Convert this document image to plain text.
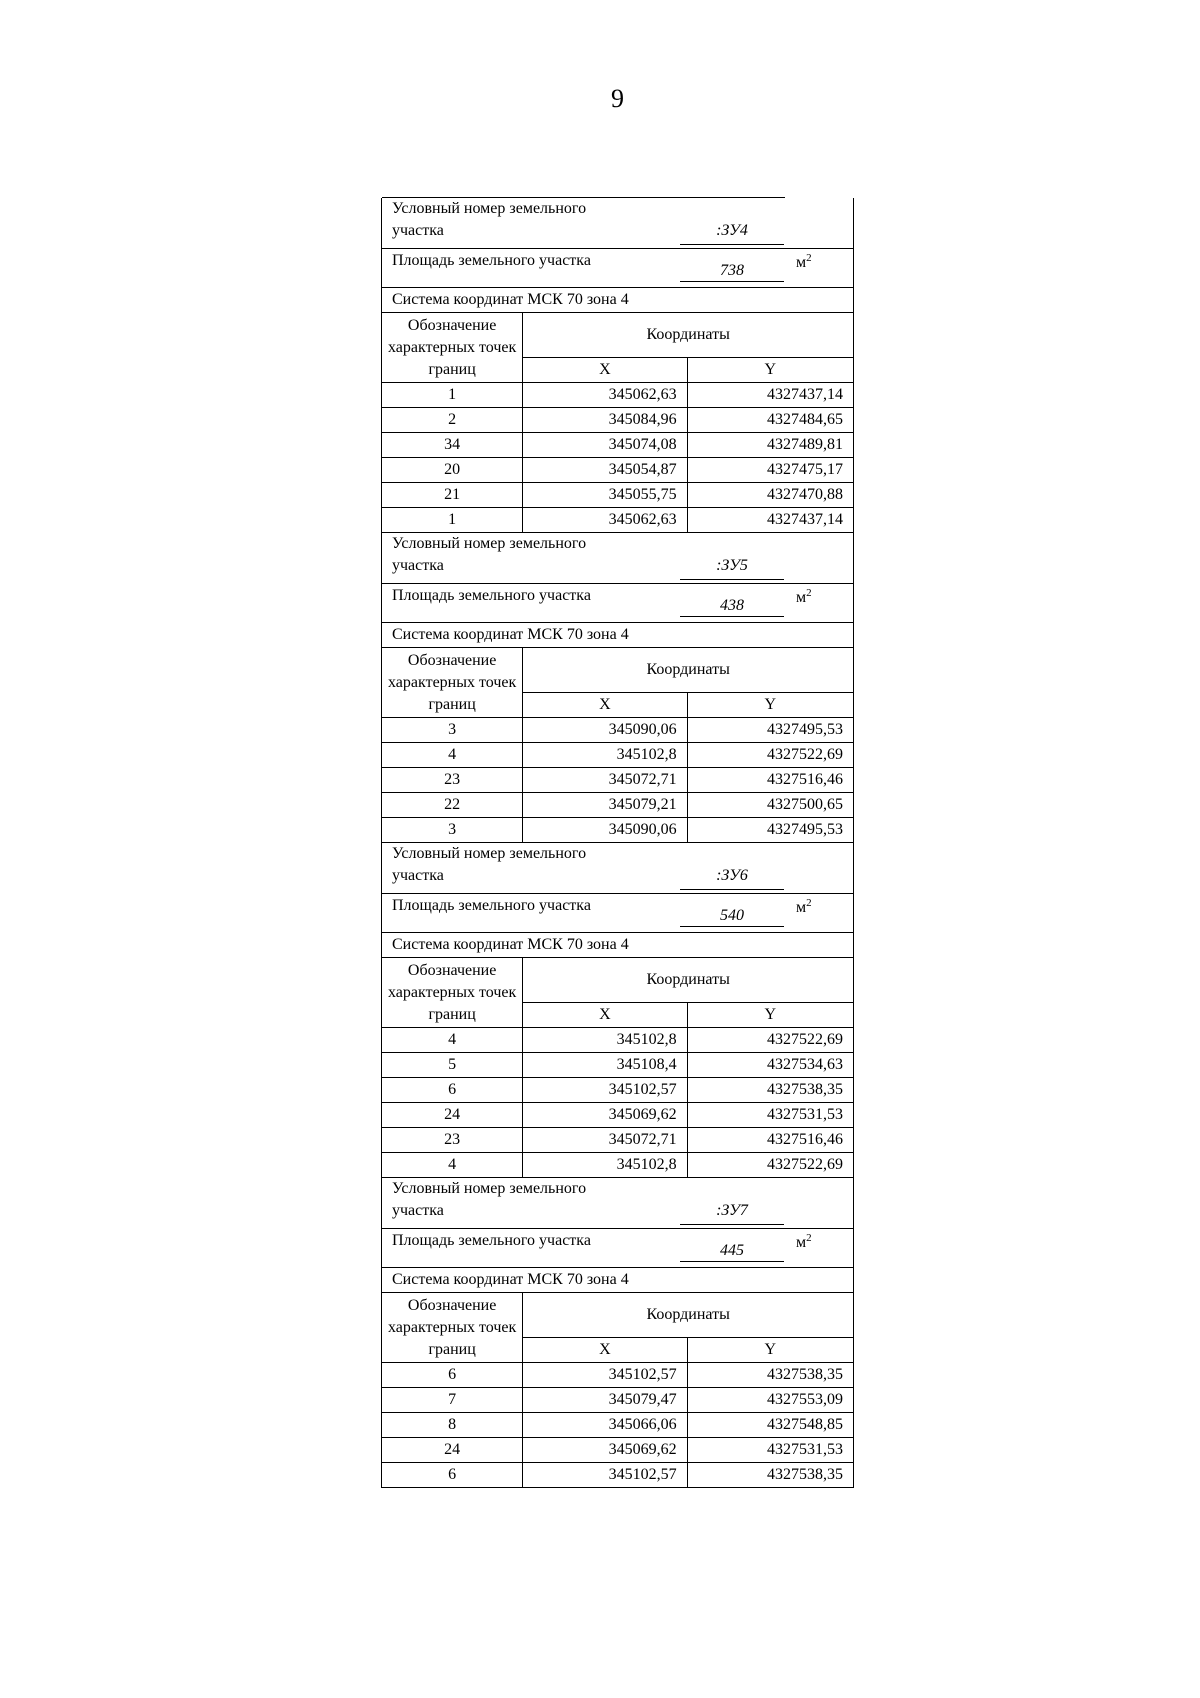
9
Условный номер земельного участка :ЗУ4		

Площадь земельного участка
738 $м^2$

Система координат МСК 70 зона 4		
Обозначение характерных точек границ	Координаты	
	X	Y
1	345062,63	4327437,14
2	345084,96	4327484,65
34	345074,08	4327489,81
20	345054,87	4327475,17
21	345055,75	4327470,88
1	345062,63	4327437,14

Условный номер земельного участка :ЗУ5		

Площадь земельного участка
438 $м^2$

Система координат МСК 70 зона 4		
Обозначение характерных точек границ	Координаты	
	X	Y
3	345090,06	4327495,53
4	345102,8	4327522,69
23	345072,71	4327516,46
22	345079,21	4327500,65
3	345090,06	4327495,53

Условный номер земельного участка :ЗУ6		

Площадь земельного участка
540 $м^2$

Система координат МСК 70 зона 4		
Обозначение характерных точек границ	Координаты	
	X	Y
4	345102,8	4327522,69
5	345108,4	4327534,63
6	345102,57	4327538,35
24	345069,62	4327531,53
23	345072,71	4327516,46
4	345102,8	4327522,69

Условный номер земельного участка :ЗУ7		

Площадь земельного участка
445 $м^2$

Система координат МСК 70 зона 4		
Обозначение характерных точек границ	Координаты	
	X	Y
6	345102,57	4327538,35
7	345079,47	4327553,09
8	345066,06	4327548,85
24	345069,62	4327531,53
6	345102,57	4327538,35
